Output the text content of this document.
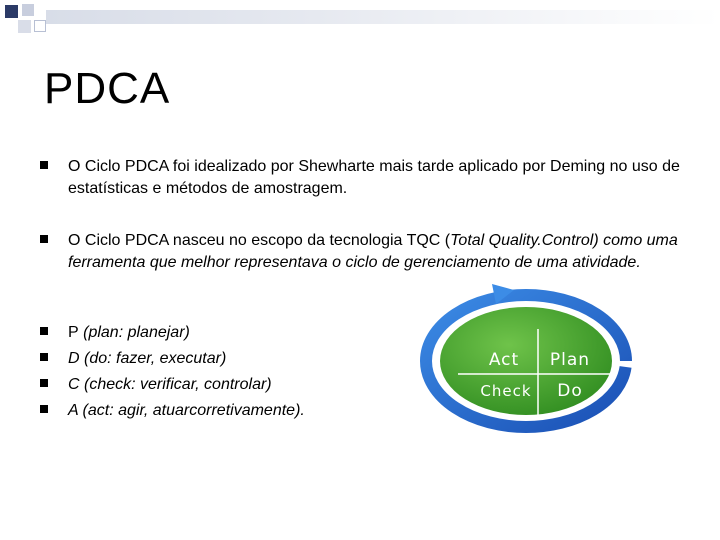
PDCA
O Ciclo PDCA foi idealizado por Shewharte mais tarde aplicado por Deming no uso de estatísticas e métodos de amostragem.
O Ciclo PDCA nasceu no escopo da tecnologia TQC (Total Quality.Control) como uma ferramenta que melhor representava o ciclo de gerenciamento de uma atividade.
P (plan: planejar)
D (do: fazer, executar)
C (check: verificar, controlar)
A (act: agir, atuarcorretivamente).
Act Plan
Check Do
